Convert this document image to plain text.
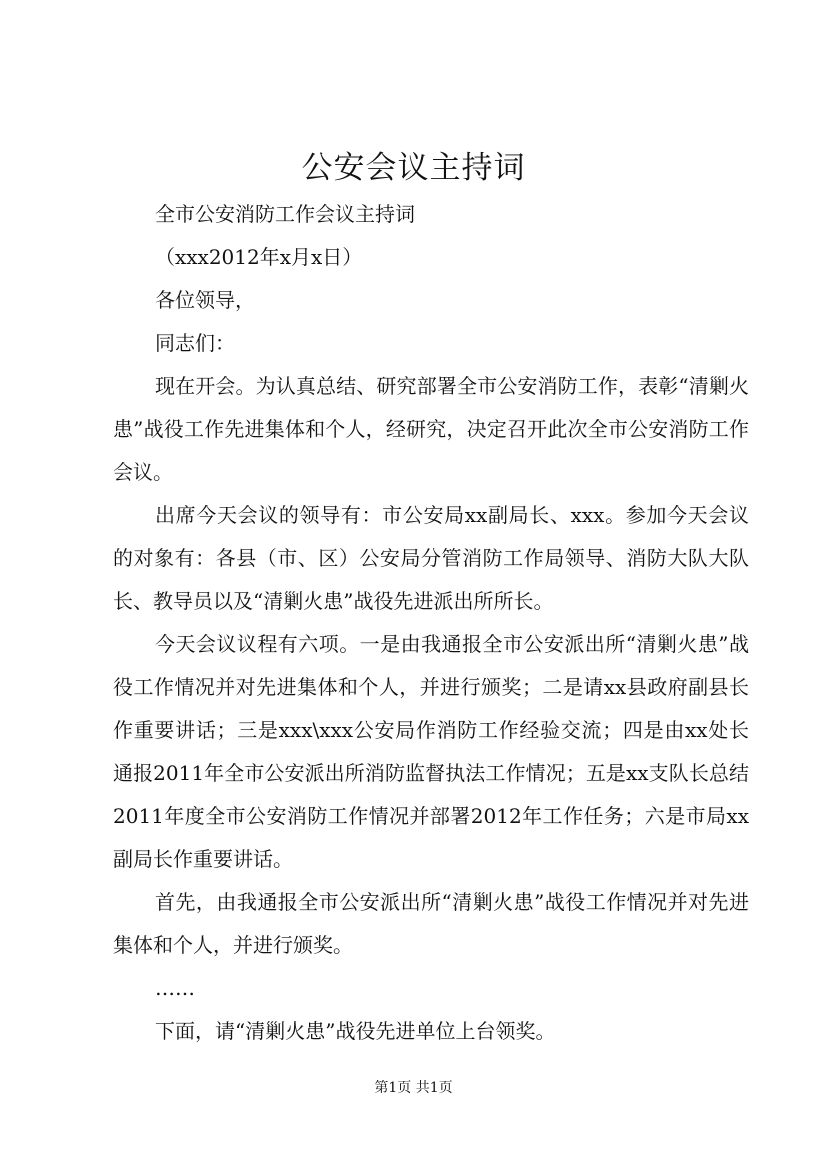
公安会议主持词

全市公安消防工作会议主持词

（xxx2012年x月x日）

各位领导，

同志们：

现在开会。为认真总结、研究部署全市公安消防工作，表彰“清剿火患”战役工作先进集体和个人，经研究，决定召开此次全市公安消防工作会议。

出席今天会议的领导有：市公安局xx副局长、xxx。参加今天会议的对象有：各县（市、区）公安局分管消防工作局领导、消防大队大队长、教导员以及“清剿火患”战役先进派出所所长。

今天会议议程有六项。一是由我通报全市公安派出所“清剿火患”战役工作情况并对先进集体和个人，并进行颁奖；二是请xx县政府副县长作重要讲话；三是xxx\xxx公安局作消防工作经验交流；四是由xx处长通报2011年全市公安派出所消防监督执法工作情况；五是xx支队长总结2011年度全市公安消防工作情况并部署2012年工作任务；六是市局xx副局长作重要讲话。

首先，由我通报全市公安派出所“清剿火患”战役工作情况并对先进集体和个人，并进行颁奖。

……

下面，请“清剿火患”战役先进单位上台领奖。

第1页 共1页
